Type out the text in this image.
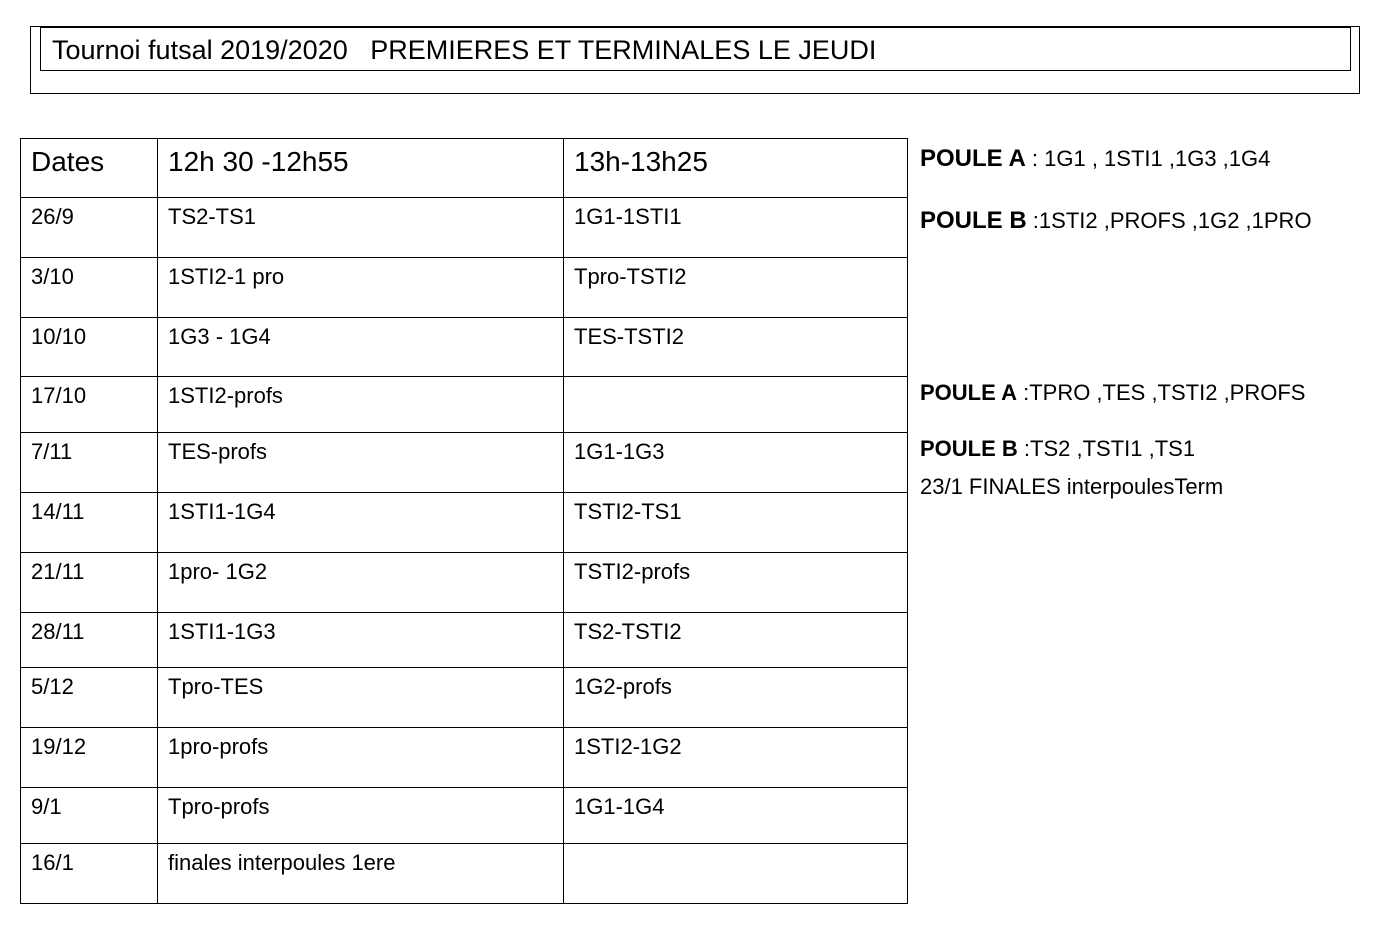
Tournoi futsal 2019/2020   PREMIERES ET TERMINALES LE JEUDI
Dates	12h 30 -12h55	13h-13h25
26/9	TS2-TS1	1G1-1STI1
3/10	1STI2-1 pro	Tpro-TSTI2
10/10	1G3 - 1G4	TES-TSTI2
17/10	1STI2-profs	
7/11	TES-profs	1G1-1G3
14/11	1STI1-1G4	TSTI2-TS1
21/11	1pro- 1G2	TSTI2-profs
28/11	1STI1-1G3	TS2-TSTI2
5/12	Tpro-TES	1G2-profs
19/12	1pro-profs	1STI2-1G2
9/1	Tpro-profs	1G1-1G4
16/1	finales interpoules 1ere	
POULE A : 1G1 , 1STI1 ,1G3 ,1G4
POULE B :1STI2 ,PROFS ,1G2 ,1PRO
POULE A :TPRO ,TES ,TSTI2 ,PROFS
POULE B :TS2 ,TSTI1 ,TS1
23/1 FINALES interpoulesTerm
